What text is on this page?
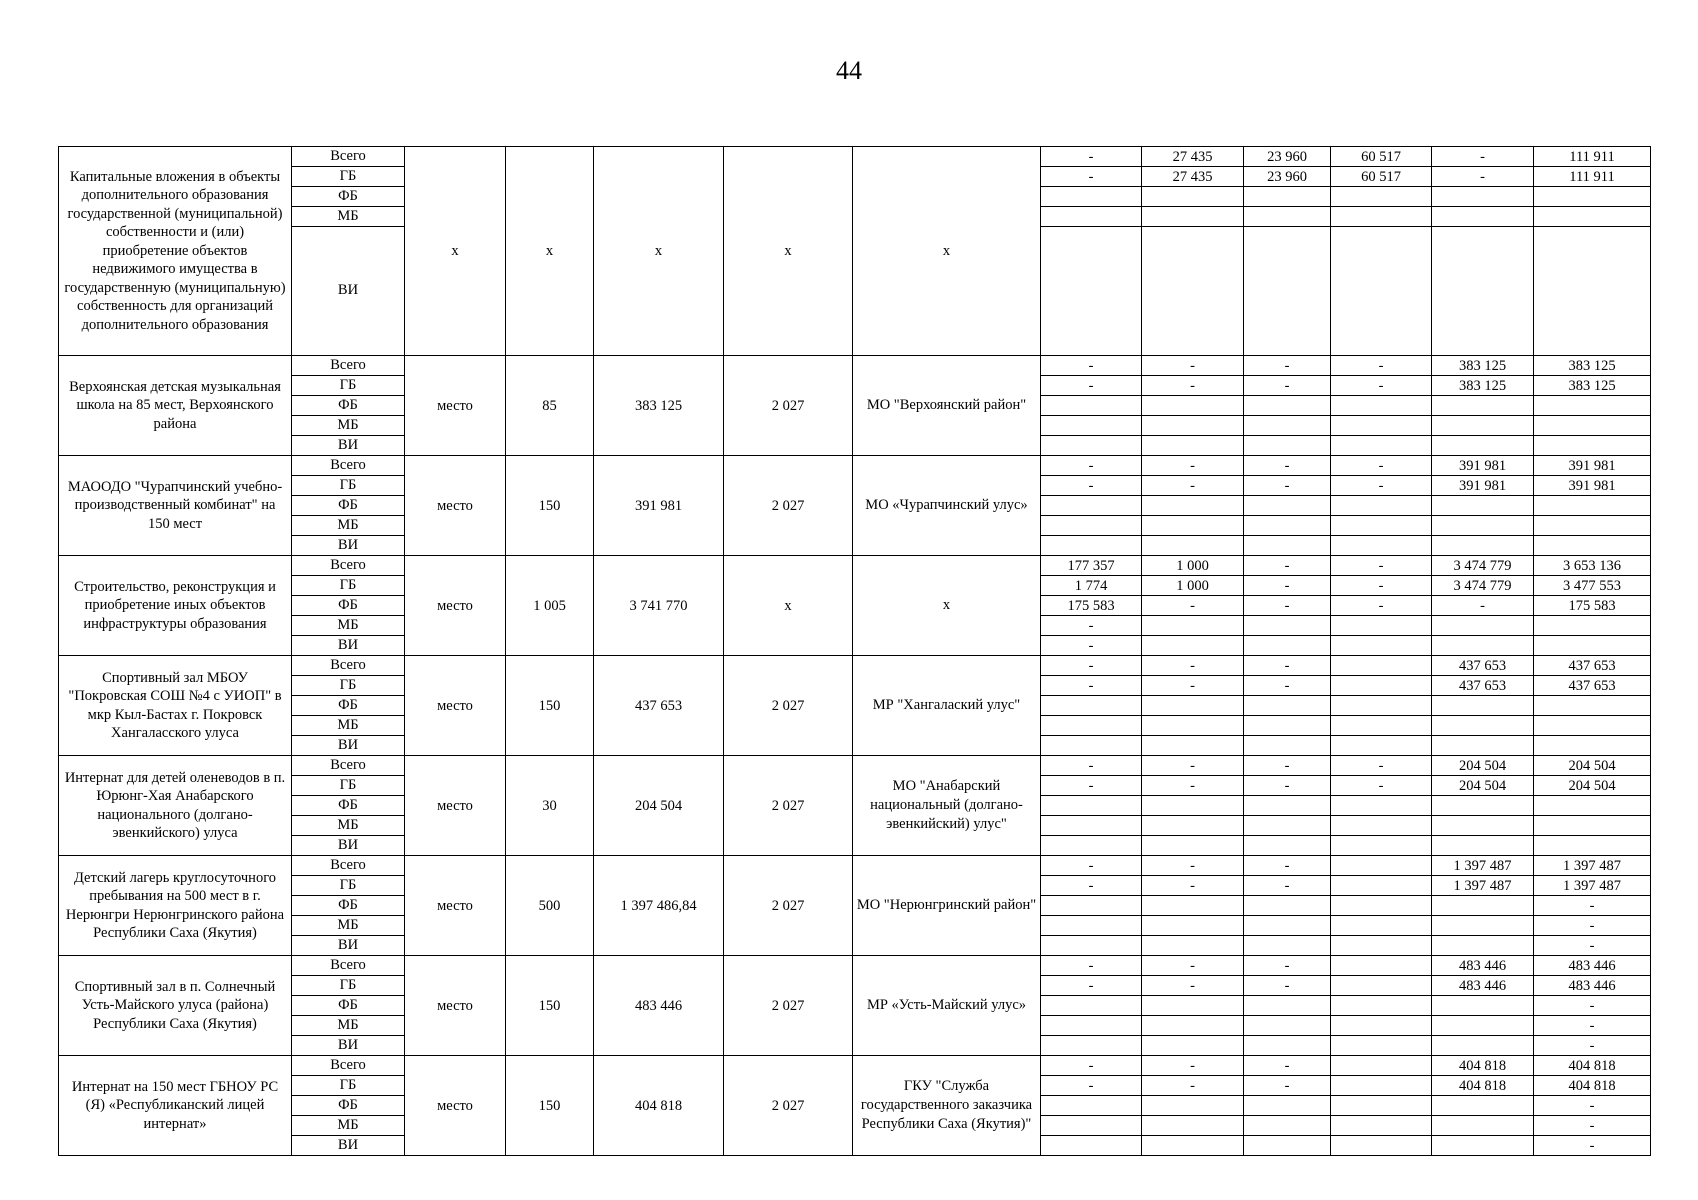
44
Капитальные вложения в объекты дополнительного образования государственной (муниципальной) собственности и (или) приобретение объектов недвижимого имущества в государственную (муниципальную) собственность для организаций дополнительного образования	Всего	х	х	х	х	х	-	27 435	23 960	60 517	-	111 911
	ГБ						-	27 435	23 960	60 517	-	111 911
	ФБ											
	МБ											
	ВИ											
Верхоянская детская музыкальная школа на 85 мест, Верхоянского района	Всего	место	85	383 125	2 027	МО "Верхоянский район"	-	-	-	-	383 125	383 125
	ГБ						-	-	-	-	383 125	383 125
	ФБ											
	МБ											
	ВИ											
МАООДО "Чурапчинский учебно-производственный комбинат" на 150 мест	Всего	место	150	391 981	2 027	МО «Чурапчинский улус»	-	-	-	-	391 981	391 981
	ГБ						-	-	-	-	391 981	391 981
	ФБ											
	МБ											
	ВИ											
Строительство, реконструкция и приобретение иных объектов инфраструктуры образования	Всего	место	1 005	3 741 770	х	х	177 357	1 000	-	-	3 474 779	3 653 136
	ГБ						1 774	1 000	-	-	3 474 779	3 477 553
	ФБ						175 583	-	-	-	-	175 583
	МБ						-					
	ВИ						-					
Спортивный зал МБОУ "Покровская СОШ №4 с УИОП" в мкр Кыл-Бастах г. Покровск Хангаласского улуса	Всего	место	150	437 653	2 027	МР "Хангалаский улус"	-	-	-		437 653	437 653
	ГБ						-	-	-		437 653	437 653
	ФБ											
	МБ											
	ВИ											
Интернат для детей оленеводов в п. Юрюнг-Хая Анабарского национального (долгано-эвенкийского) улуса	Всего	место	30	204 504	2 027	МО "Анабарский национальный (долгано-эвенкийский) улус"	-	-	-	-	204 504	204 504
	ГБ						-	-	-	-	204 504	204 504
	ФБ											
	МБ											
	ВИ											
Детский лагерь круглосуточного пребывания на 500 мест в г. Нерюнгри Нерюнгринского района Республики Саха (Якутия)	Всего	место	500	1 397 486,84	2 027	МО "Нерюнгринский район"	-	-	-		1 397 487	1 397 487
	ГБ						-	-	-		1 397 487	1 397 487
	ФБ											-
	МБ											-
	ВИ											-
Спортивный зал в п. Солнечный Усть-Майского улуса (района) Республики Саха (Якутия)	Всего	место	150	483 446	2 027	МР «Усть-Майский улус»	-	-	-		483 446	483 446
	ГБ						-	-	-		483 446	483 446
	ФБ											-
	МБ											-
	ВИ											-
Интернат на 150 мест ГБНОУ РС (Я) «Республиканский лицей интернат»	Всего	место	150	404 818	2 027	ГКУ "Служба государственного заказчика Республики Саха (Якутия)"	-	-	-		404 818	404 818
	ГБ						-	-	-		404 818	404 818
	ФБ											-
	МБ											-
	ВИ											-
